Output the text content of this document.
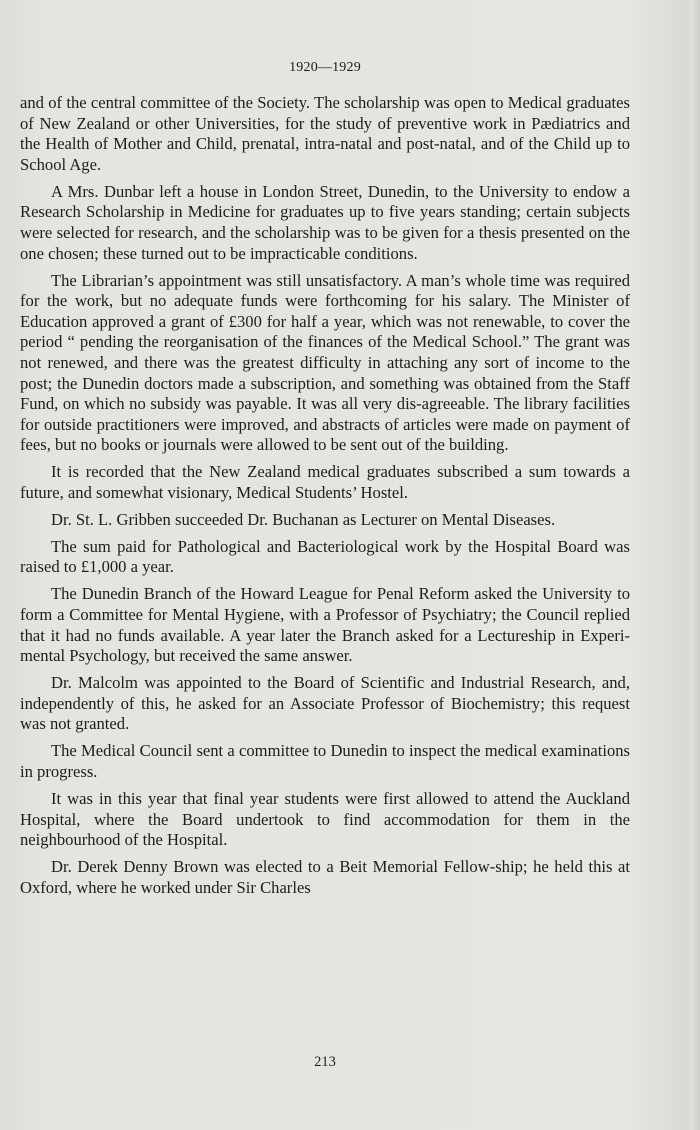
1920—1929

and of the central committee of the Society. The scholarship was open to Medical graduates of New Zealand or other Universities, for the study of preventive work in Pædiatrics and the Health of Mother and Child, prenatal, intra-natal and post-natal, and of the Child up to School Age.

A Mrs. Dunbar left a house in London Street, Dunedin, to the University to endow a Research Scholarship in Medicine for graduates up to five years standing; certain subjects were selected for research, and the scholarship was to be given for a thesis presented on the one chosen; these turned out to be impracticable conditions.

The Librarian’s appointment was still unsatisfactory. A man’s whole time was required for the work, but no adequate funds were forthcoming for his salary. The Minister of Education approved a grant of £300 for half a year, which was not renewable, to cover the period “ pending the reorganisation of the finances of the Medical School.” The grant was not renewed, and there was the greatest difficulty in attaching any sort of income to the post; the Dunedin doctors made a subscription, and something was obtained from the Staff Fund, on which no subsidy was payable. It was all very dis-agreeable. The library facilities for outside practitioners were improved, and abstracts of articles were made on payment of fees, but no books or journals were allowed to be sent out of the building.

It is recorded that the New Zealand medical graduates subscribed a sum towards a future, and somewhat visionary, Medical Students’ Hostel.

Dr. St. L. Gribben succeeded Dr. Buchanan as Lecturer on Mental Diseases.

The sum paid for Pathological and Bacteriological work by the Hospital Board was raised to £1,000 a year.

The Dunedin Branch of the Howard League for Penal Reform asked the University to form a Committee for Mental Hygiene, with a Professor of Psychiatry; the Council replied that it had no funds available. A year later the Branch asked for a Lectureship in Experi-mental Psychology, but received the same answer.

Dr. Malcolm was appointed to the Board of Scientific and Industrial Research, and, independently of this, he asked for an Associate Professor of Biochemistry; this request was not granted.

The Medical Council sent a committee to Dunedin to inspect the medical examinations in progress.

It was in this year that final year students were first allowed to attend the Auckland Hospital, where the Board undertook to find accommodation for them in the neighbourhood of the Hospital.

Dr. Derek Denny Brown was elected to a Beit Memorial Fellow-ship; he held this at Oxford, where he worked under Sir Charles

213
